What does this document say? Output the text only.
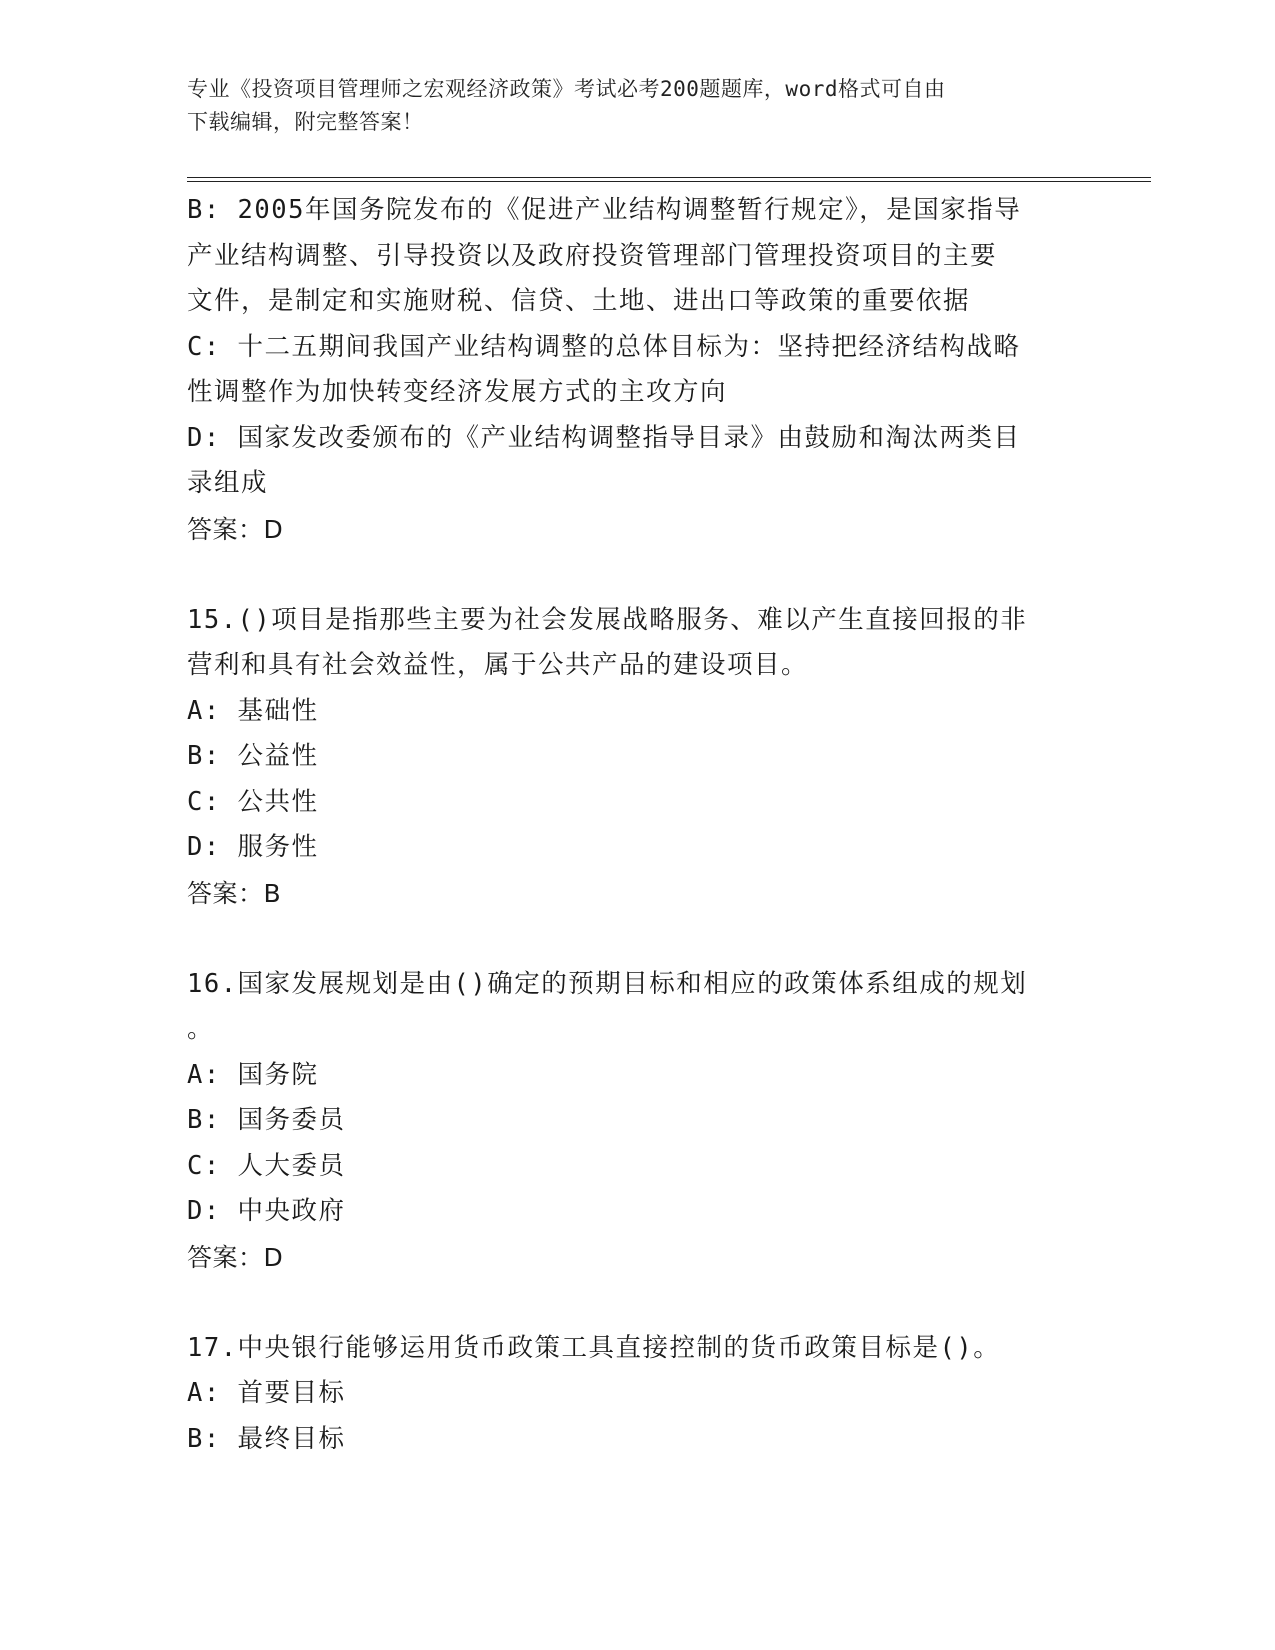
专业《投资项目管理师之宏观经济政策》考试必考200题题库，word格式可自由
下载编辑，附完整答案！
B: 2005年国务院发布的《促进产业结构调整暂行规定》，是国家指导
产业结构调整、引导投资以及政府投资管理部门管理投资项目的主要
文件，是制定和实施财税、信贷、土地、进出口等政策的重要依据
C: 十二五期间我国产业结构调整的总体目标为：坚持把经济结构战略
性调整作为加快转变经济发展方式的主攻方向
D: 国家发改委颁布的《产业结构调整指导目录》由鼓励和淘汰两类目
录组成
答案：D
15.()项目是指那些主要为社会发展战略服务、难以产生直接回报的非
营利和具有社会效益性，属于公共产品的建设项目。
A: 基础性
B: 公益性
C: 公共性
D: 服务性
答案：B
16.国家发展规划是由()确定的预期目标和相应的政策体系组成的规划
。
A: 国务院
B: 国务委员
C: 人大委员
D: 中央政府
答案：D
17.中央银行能够运用货币政策工具直接控制的货币政策目标是()。
A: 首要目标
B: 最终目标
